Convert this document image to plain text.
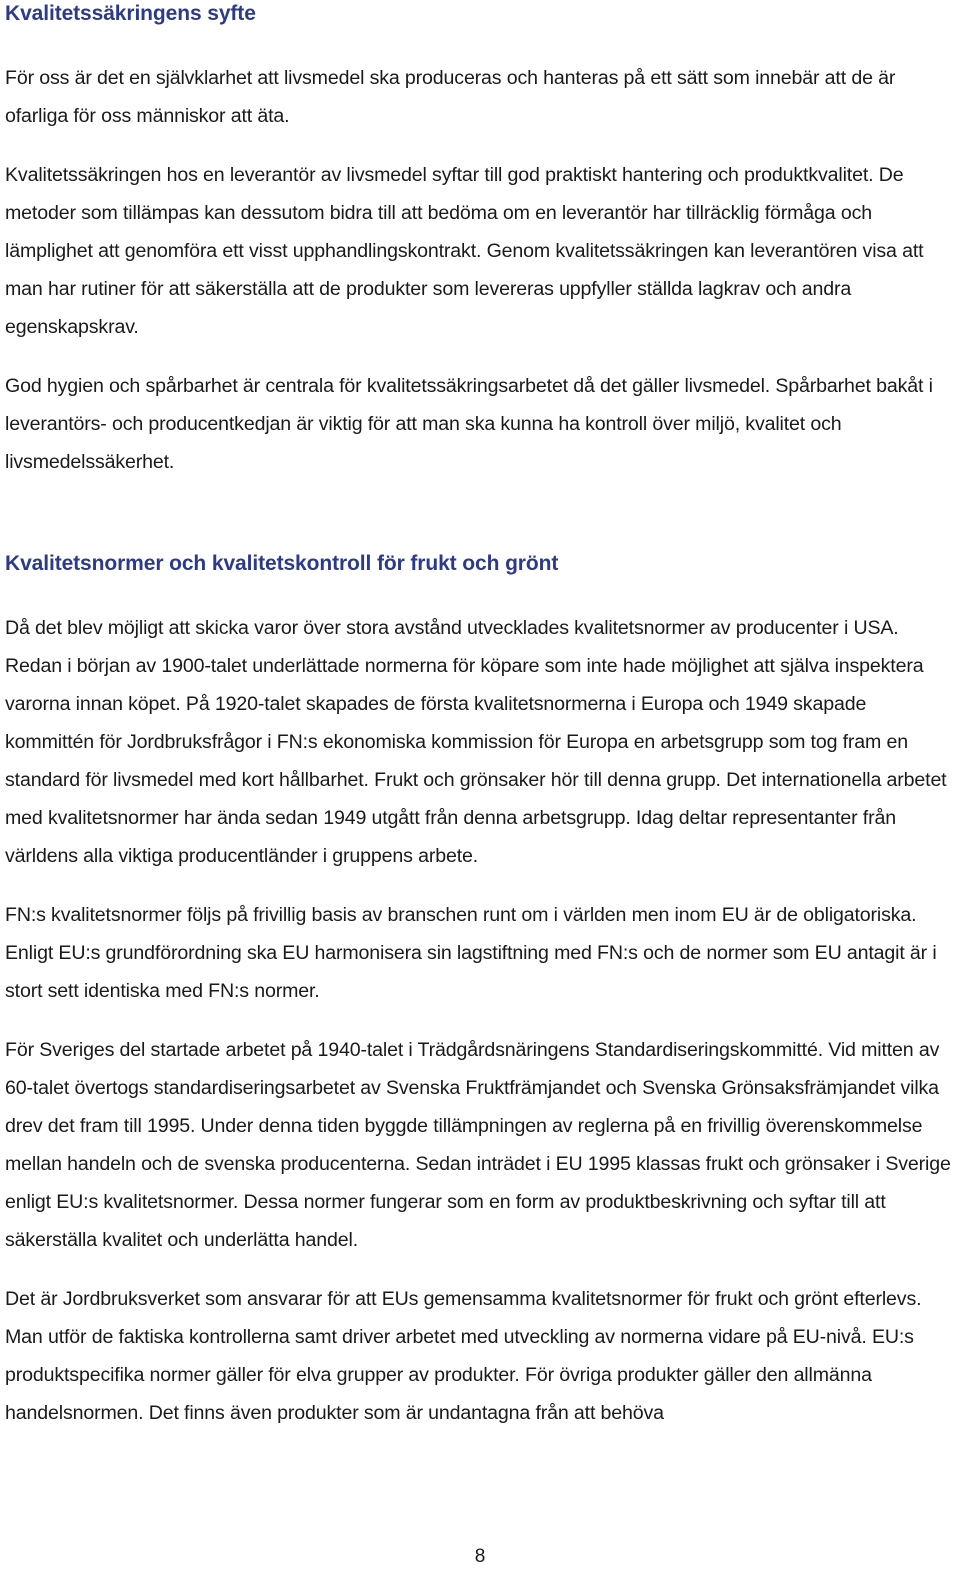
Kvalitetssäkringens syfte

För oss är det en självklarhet att livsmedel ska produceras och hanteras på ett sätt som innebär att de är ofarliga för oss människor att äta.

Kvalitetssäkringen hos en leverantör av livsmedel syftar till god praktiskt hantering och produktkvalitet. De metoder som tillämpas kan dessutom bidra till att bedöma om en leverantör har tillräcklig förmåga och lämplighet att genomföra ett visst upphandlingskontrakt. Genom kvalitetssäkringen kan leverantören visa att man har rutiner för att säkerställa att de produkter som levereras uppfyller ställda lagkrav och andra egenskapskrav.

God hygien och spårbarhet är centrala för kvalitetssäkringsarbetet då det gäller livsmedel. Spårbarhet bakåt i leverantörs- och producentkedjan är viktig för att man ska kunna ha kontroll över miljö, kvalitet och livsmedelssäkerhet.

Kvalitetsnormer och kvalitetskontroll för frukt och grönt

Då det blev möjligt att skicka varor över stora avstånd utvecklades kvalitetsnormer av producenter i USA. Redan i början av 1900-talet underlättade normerna för köpare som inte hade möjlighet att själva inspektera varorna innan köpet. På 1920-talet skapades de första kvalitetsnormerna i Europa och 1949 skapade kommittén för Jordbruksfrågor i FN:s ekonomiska kommission för Europa en arbetsgrupp som tog fram en standard för livsmedel med kort hållbarhet. Frukt och grönsaker hör till denna grupp. Det internationella arbetet med kvalitetsnormer har ända sedan 1949 utgått från denna arbetsgrupp. Idag deltar representanter från världens alla viktiga producentländer i gruppens arbete.

FN:s kvalitetsnormer följs på frivillig basis av branschen runt om i världen men inom EU är de obligatoriska. Enligt EU:s grundförordning ska EU harmonisera sin lagstiftning med FN:s och de normer som EU antagit är i stort sett identiska med FN:s normer.

För Sveriges del startade arbetet på 1940-talet i Trädgårdsnäringens Standardiseringskommitté. Vid mitten av 60-talet övertogs standardiseringsarbetet av Svenska Fruktfrämjandet och Svenska Grönsaksfrämjandet vilka drev det fram till 1995. Under denna tiden byggde tillämpningen av reglerna på en frivillig överenskommelse mellan handeln och de svenska producenterna. Sedan inträdet i EU 1995 klassas frukt och grönsaker i Sverige enligt EU:s kvalitetsnormer. Dessa normer fungerar som en form av produktbeskrivning och syftar till att säkerställa kvalitet och underlätta handel.

Det är Jordbruksverket som ansvarar för att EUs gemensamma kvalitetsnormer för frukt och grönt efterlevs. Man utför de faktiska kontrollerna samt driver arbetet med utveckling av normerna vidare på EU-nivå. EU:s produktspecifika normer gäller för elva grupper av produkter. För övriga produkter gäller den allmänna handelsnormen. Det finns även produkter som är undantagna från att behöva

8
